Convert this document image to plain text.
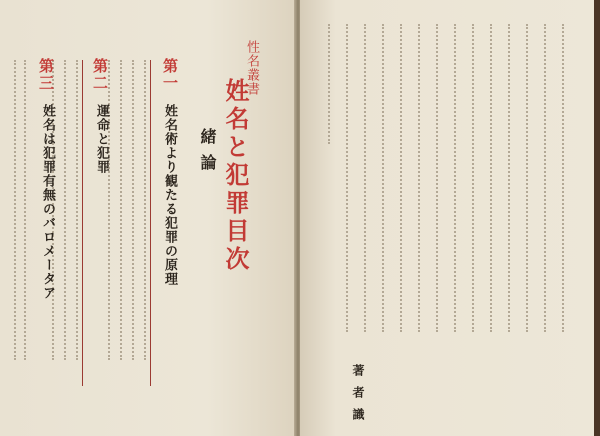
性名叢書
姓名と犯罪目次
緒論
第一
姓名術より観たる犯罪の原理
第二
運命と犯罪
第三
姓名は犯罪有無のバロメータア
著者識
